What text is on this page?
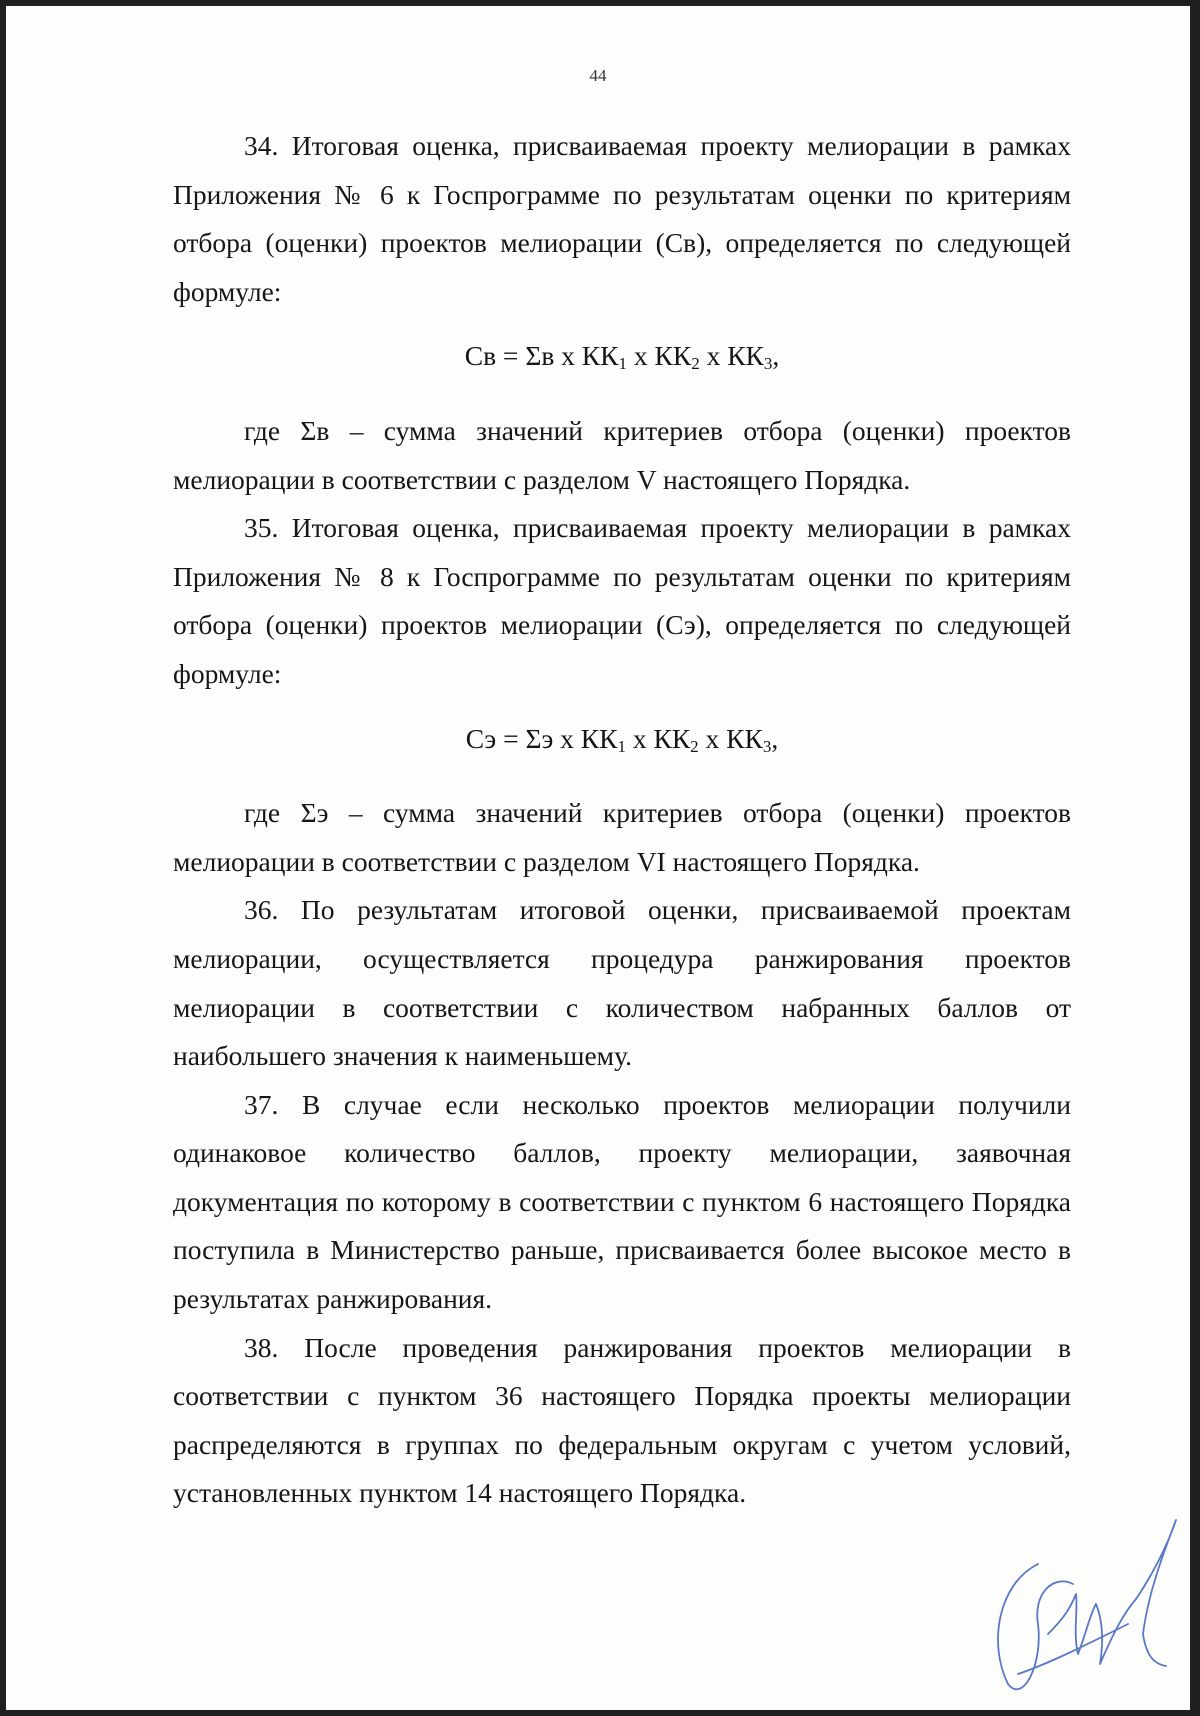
44

34. Итоговая оценка, присваиваемая проекту мелиорации в рамках Приложения № 6 к Госпрограмме по результатам оценки по критериям отбора (оценки) проектов мелиорации (Св), определяется по следующей формуле:

Св = Σв х $КК_1$ х $КК_2$ х $КК_3$,

где Σв – сумма значений критериев отбора (оценки) проектов мелиорации в соответствии с разделом V настоящего Порядка.

35. Итоговая оценка, присваиваемая проекту мелиорации в рамках Приложения № 8 к Госпрограмме по результатам оценки по критериям отбора (оценки) проектов мелиорации (Сэ), определяется по следующей формуле:

Сэ = Σэ х $КК_1$ х $КК_2$ х $КК_3$,

где Σэ – сумма значений критериев отбора (оценки) проектов мелиорации в соответствии с разделом VI настоящего Порядка.

36. По результатам итоговой оценки, присваиваемой проектам мелиорации, осуществляется процедура ранжирования проектов мелиорации в соответствии с количеством набранных баллов от наибольшего значения к наименьшему.

37. В случае если несколько проектов мелиорации получили одинаковое количество баллов, проекту мелиорации, заявочная документация по которому в соответствии с пунктом 6 настоящего Порядка поступила в Министерство раньше, присваивается более высокое место в результатах ранжирования.

38. После проведения ранжирования проектов мелиорации в соответствии с пунктом 36 настоящего Порядка проекты мелиорации распределяются в группах по федеральным округам с учетом условий, установленных пунктом 14 настоящего Порядка.
